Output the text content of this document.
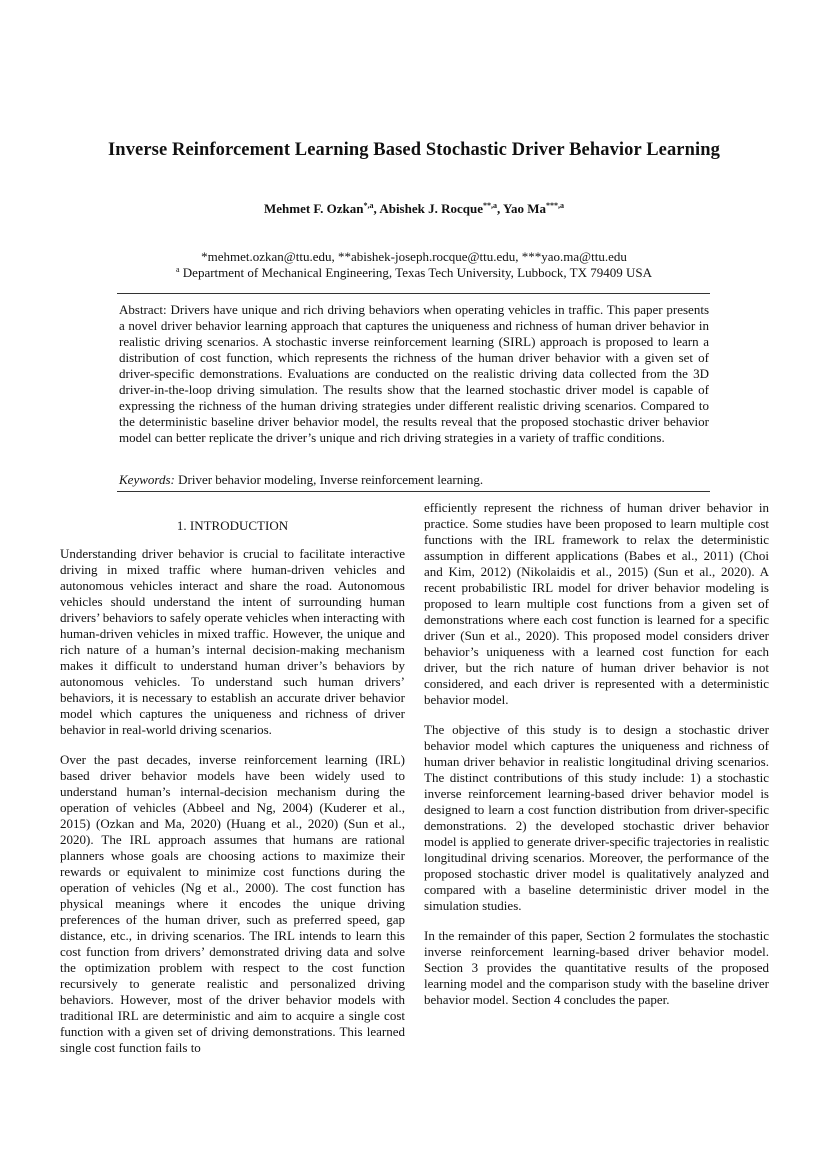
Inverse Reinforcement Learning Based Stochastic Driver Behavior Learning
Mehmet F. Ozkan$^{*,a}$, Abishek J. Rocque$^{**,a}$, Yao $Ma^{***,a}$
*mehmet.ozkan@ttu.edu, **abishek-joseph.rocque@ttu.edu, ***yao.ma@ttu.edu
$^a$ Department of Mechanical Engineering, Texas Tech University, Lubbock, TX 79409 USA

Abstract: Drivers have unique and rich driving behaviors when operating vehicles in traffic. This paper presents a novel driver behavior learning approach that captures the uniqueness and richness of human driver behavior in realistic driving scenarios. A stochastic inverse reinforcement learning (SIRL) approach is proposed to learn a distribution of cost function, which represents the richness of the human driver behavior with a given set of driver-specific demonstrations. Evaluations are conducted on the realistic driving data collected from the 3D driver-in-the-loop driving simulation. The results show that the learned stochastic driver model is capable of expressing the richness of the human driving strategies under different realistic driving scenarios. Compared to the deterministic baseline driver behavior model, the results reveal that the proposed stochastic driver behavior model can better replicate the driver’s unique and rich driving strategies in a variety of traffic conditions.

Keywords: Driver behavior modeling, Inverse reinforcement learning.

1. INTRODUCTION

Understanding driver behavior is crucial to facilitate interactive driving in mixed traffic where human-driven vehicles and autonomous vehicles interact and share the road. Autonomous vehicles should understand the intent of surrounding human drivers’ behaviors to safely operate vehicles when interacting with human-driven vehicles in mixed traffic. However, the unique and rich nature of a human’s internal decision-making mechanism makes it difficult to understand human driver’s behaviors by autonomous vehicles. To understand such human drivers’ behaviors, it is necessary to establish an accurate driver behavior model which captures the uniqueness and richness of driver behavior in real-world driving scenarios.

Over the past decades, inverse reinforcement learning (IRL) based driver behavior models have been widely used to understand human’s internal-decision mechanism during the operation of vehicles (Abbeel and Ng, 2004) (Kuderer et al., 2015) (Ozkan and Ma, 2020) (Huang et al., 2020) (Sun et al., 2020). The IRL approach assumes that humans are rational planners whose goals are choosing actions to maximize their rewards or equivalent to minimize cost functions during the operation of vehicles (Ng et al., 2000). The cost function has physical meanings where it encodes the unique driving preferences of the human driver, such as preferred speed, gap distance, etc., in driving scenarios. The IRL intends to learn this cost function from drivers’ demonstrated driving data and solve the optimization problem with respect to the cost function recursively to generate realistic and personalized driving behaviors. However, most of the driver behavior models with traditional IRL are deterministic and aim to acquire a single cost function with a given set of driving demonstrations. This learned single cost function fails to

efficiently represent the richness of human driver behavior in practice. Some studies have been proposed to learn multiple cost functions with the IRL framework to relax the deterministic assumption in different applications (Babes et al., 2011) (Choi and Kim, 2012) (Nikolaidis et al., 2015) (Sun et al., 2020). A recent probabilistic IRL model for driver behavior modeling is proposed to learn multiple cost functions from a given set of demonstrations where each cost function is learned for a specific driver (Sun et al., 2020). This proposed model considers driver behavior’s uniqueness with a learned cost function for each driver, but the rich nature of human driver behavior is not considered, and each driver is represented with a deterministic behavior model.

The objective of this study is to design a stochastic driver behavior model which captures the uniqueness and richness of human driver behavior in realistic longitudinal driving scenarios. The distinct contributions of this study include: 1) a stochastic inverse reinforcement learning-based driver behavior model is designed to learn a cost function distribution from driver-specific demonstrations. 2) the developed stochastic driver behavior model is applied to generate driver-specific trajectories in realistic longitudinal driving scenarios. Moreover, the performance of the proposed stochastic driver model is qualitatively analyzed and compared with a baseline deterministic driver model in the simulation studies.

In the remainder of this paper, Section 2 formulates the stochastic inverse reinforcement learning-based driver behavior model. Section 3 provides the quantitative results of the proposed learning model and the comparison study with the baseline driver behavior model. Section 4 concludes the paper.
